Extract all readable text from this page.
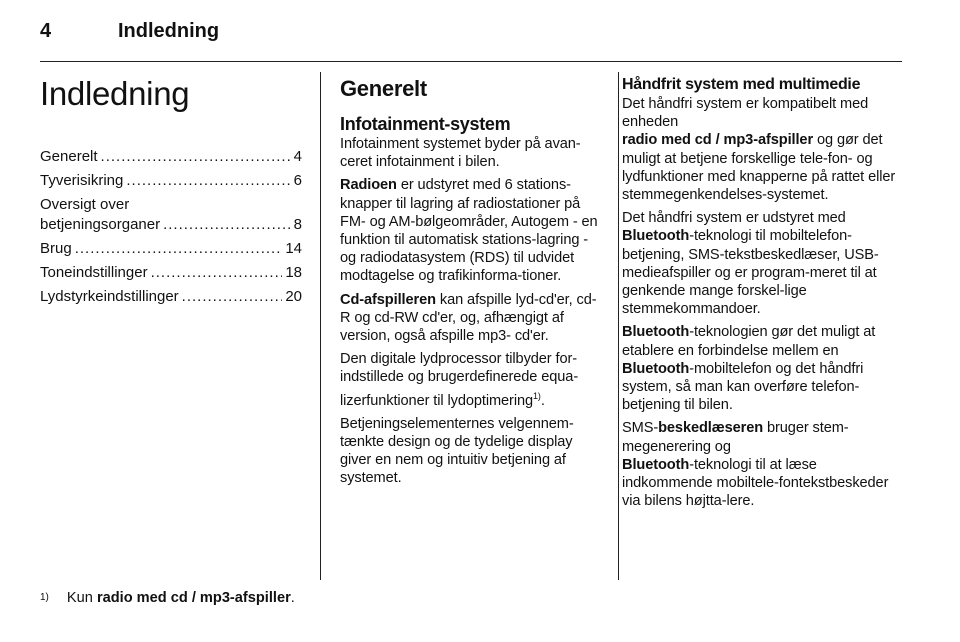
4	Indledning
Indledning
Generelt .....	4
Tyverisikring .....	6
Oversigt over
betjeningsorganer .....	8
Brug .....	14
Toneindstillinger .....	18
Lydstyrkeindstillinger .....	20
Generelt
Infotainment-system

Infotainment systemet byder på avan-ceret infotainment i bilen.

Radioen er udstyret med 6 stations-knapper til lagring af radiostationer på FM- og AM-bølgeområder, Autogem - en funktion til automatisk stations-lagring - og radiodatasystem (RDS) til udvidet modtagelse og trafikinforma-tioner.

Cd-afspilleren kan afspille lyd-cd'er, cd-R og cd-RW cd'er, og, afhængigt af version, også afspille mp3- cd'er.

Den digitale lydprocessor tilbyder for-indstillede og brugerdefinerede equa-lizerfunktioner til lydoptimering$^{1)}$.

Betjeningselementernes velgennem-tænkte design og de tydelige display giver en nem og intuitiv betjening af systemet.

Håndfrit system med multimedie

Det håndfri system er kompatibelt med enheden
radio med cd / mp3-afspiller og gør det muligt at betjene forskellige tele-fon- og lydfunktioner med knapperne på rattet eller stemmegenkendelses-systemet.

Det håndfri system er udstyret med
Bluetooth-teknologi til mobiltelefon-betjening, SMS-tekstbeskedlæser, USB-medieafspiller og er program-meret til at genkende mange forskel-lige stemmekommandoer.

Bluetooth-teknologien gør det muligt at etablere en forbindelse mellem en
Bluetooth-mobiltelefon og det håndfri system, så man kan overføre telefon-betjening til bilen.

SMS-beskedlæseren bruger stem-megenerering og
Bluetooth-teknologi til at læse indkommende mobiltele-fontekstbeskeder via bilens højtta-lere.

$^{1)}$ Kun radio med cd / mp3-afspiller.
